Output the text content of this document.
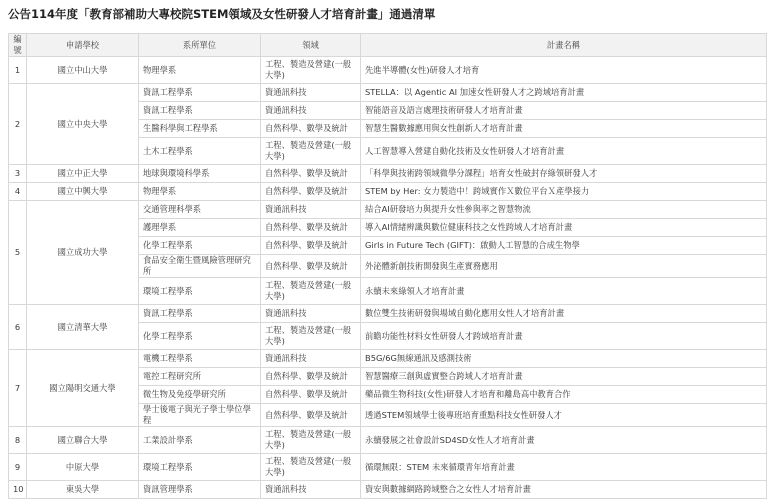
公告114年度「教育部補助大專校院STEM領域及女性研發人才培育計畫」通過清單
編號	申請學校	系所單位	領域	計畫名稱
1	國立中山大學	物理學系	工程、製造及營建(一般大學)	先進半導體(女性)研發人才培育
2	國立中央大學	資訊工程學系	資通訊科技	STELLA：以 Agentic AI 加速女性研發人才之跨域培育計畫
		資訊工程學系	資通訊科技	智能語音及語言處理技術研發人才培育計畫
		生醫科學與工程學系	自然科學、數學及統計	智慧生醫數據應用與女性創新人才培育計畫
		土木工程學系	工程、製造及營建(一般大學)	人工智慧導入營建自動化技術及女性研發人才培育計畫
3	國立中正大學	地球與環境科學系	自然科學、數學及統計	「科學與技術跨領域微學分課程」培育女性破封存綠領研發人才
4	國立中興大學	物理學系	自然科學、數學及統計	STEM by Her: 女力製造中！跨域實作Ｘ數位平台Ｘ產學接力
5	國立成功大學	交通管理科學系	資通訊科技	結合AI研發培力與提升女性參與率之智慧物流
		護理學系	自然科學、數學及統計	導入AI情緒辨識與數位健康科技之女性跨域人才培育計畫
		化學工程學系	自然科學、數學及統計	Girls in Future Tech (GIFT)：啟動人工智慧的合成生物學
		食品安全衛生暨風險管理研究所	自然科學、數學及統計	外泌體新創技術開發與生產實務應用
		環境工程學系	工程、製造及營建(一般大學)	永續未來綠領人才培育計畫
6	國立清華大學	資訊工程學系	資通訊科技	數位雙生技術研發與場域自動化應用女性人才培育計畫
		化學工程學系	工程、製造及營建(一般大學)	前瞻功能性材料女性研發人才跨域培育計畫
7	國立陽明交通大學	電機工程學系	資通訊科技	B5G/6G無線通訊及感測技術
		電控工程研究所	自然科學、數學及統計	智慧醫療三創與虛實整合跨域人才培育計畫
		微生物及免疫學研究所	自然科學、數學及統計	藥品微生物科技(女性)研發人才培育和離島高中教育合作
		學士後電子與光子學士學位學程	自然科學、數學及統計	透過STEM領域學士後專班培育重點科技女性研發人才
8	國立聯合大學	工業設計學系	工程、製造及營建(一般大學)	永續發展之社會設計SD4SD女性人才培育計畫
9	中原大學	環境工程學系	工程、製造及營建(一般大學)	循環無限：STEM 未來循環青年培育計畫
10	東吳大學	資訊管理學系	資通訊科技	資安與數據網路跨域整合之女性人才培育計畫
